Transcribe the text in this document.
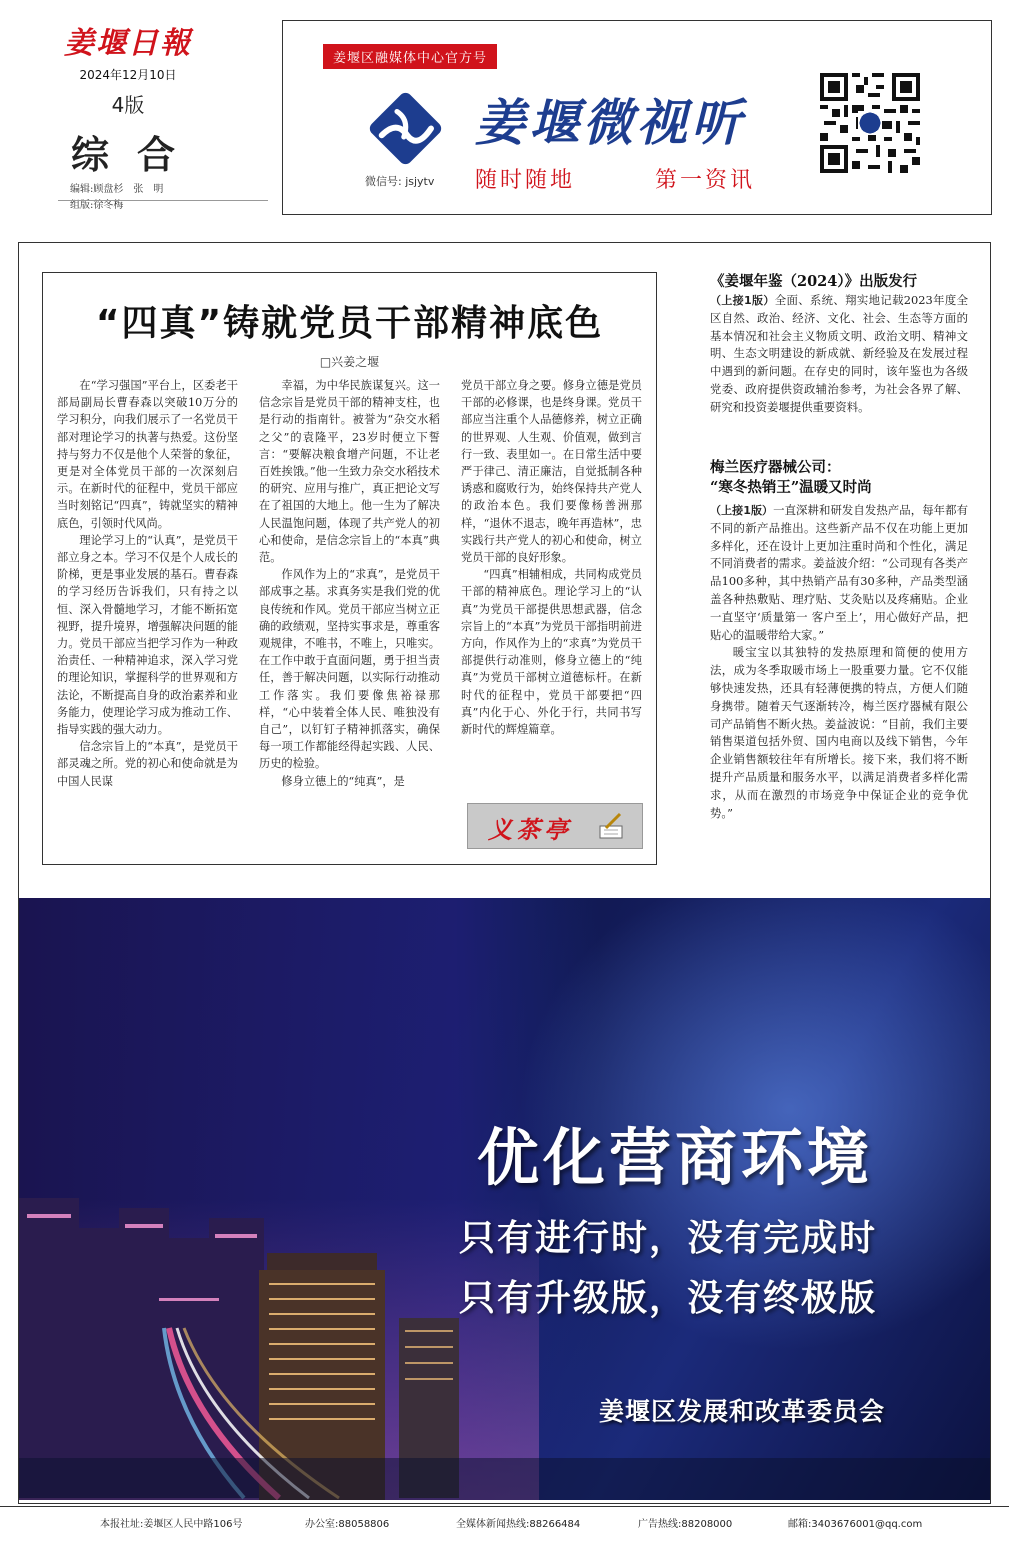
姜堰日報
2024年12月10日
4版
综合
编辑:顾盘杉　张　明
组版:徐冬梅
姜堰区融媒体中心官方号
微信号: jsjytv
姜堰微视听
随时随地	第一资讯
“四真”铸就党员干部精神底色
□兴姜之堰

在“学习强国”平台上，区委老干部局副局长曹春森以突破10万分的学习积分，向我们展示了一名党员干部对理论学习的执著与热爱。这份坚持与努力不仅是他个人荣誉的象征，更是对全体党员干部的一次深刻启示。在新时代的征程中，党员干部应当时刻铭记“四真”，铸就坚实的精神底色，引领时代风尚。

理论学习上的“认真”，是党员干部立身之本。学习不仅是个人成长的阶梯，更是事业发展的基石。曹春森的学习经历告诉我们，只有持之以恒、深入骨髓地学习，才能不断拓宽视野，提升境界，增强解决问题的能力。党员干部应当把学习作为一种政治责任、一种精神追求，深入学习党的理论知识，掌握科学的世界观和方法论，不断提高自身的政治素养和业务能力，使理论学习成为推动工作、指导实践的强大动力。

信念宗旨上的“本真”，是党员干部灵魂之所。党的初心和使命就是为中国人民谋

幸福，为中华民族谋复兴。这一信念宗旨是党员干部的精神支柱，也是行动的指南针。被誉为“杂交水稻之父”的袁隆平，23岁时便立下誓言：“要解决粮食增产问题，不让老百姓挨饿。”他一生致力杂交水稻技术的研究、应用与推广，真正把论文写在了祖国的大地上。他一生为了解决人民温饱问题，体现了共产党人的初心和使命，是信念宗旨上的“本真”典范。

作风作为上的“求真”，是党员干部成事之基。求真务实是我们党的优良传统和作风。党员干部应当树立正确的政绩观，坚持实事求是，尊重客观规律，不唯书，不唯上，只唯实。在工作中敢于直面问题，勇于担当责任，善于解决问题，以实际行动推动工作落实。我们要像焦裕禄那样，“心中装着全体人民、唯独没有自己”，以钉钉子精神抓落实，确保每一项工作都能经得起实践、人民、历史的检验。

修身立德上的“纯真”，是

党员干部立身之要。修身立德是党员干部的必修课，也是终身课。党员干部应当注重个人品德修养，树立正确的世界观、人生观、价值观，做到言行一致、表里如一。在日常生活中要严于律己、清正廉洁，自觉抵制各种诱惑和腐败行为，始终保持共产党人的政治本色。我们要像杨善洲那样，“退休不退志，晚年再造林”，忠实践行共产党人的初心和使命，树立党员干部的良好形象。

“四真”相辅相成，共同构成党员干部的精神底色。理论学习上的“认真”为党员干部提供思想武器，信念宗旨上的“本真”为党员干部指明前进方向，作风作为上的“求真”为党员干部提供行动准则，修身立德上的“纯真”为党员干部树立道德标杆。在新时代的征程中，党员干部要把“四真”内化于心、外化于行，共同书写新时代的辉煌篇章。

义茶亭
《姜堰年鉴（2024）》出版发行

（上接1版）全面、系统、翔实地记载2023年度全区自然、政治、经济、文化、社会、生态等方面的基本情况和社会主义物质文明、政治文明、精神文明、生态文明建设的新成就、新经验及在发展过程中遇到的新问题。在存史的同时，该年鉴也为各级党委、政府提供资政辅治参考，为社会各界了解、研究和投资姜堰提供重要资料。

梅兰医疗器械公司：
“寒冬热销王”温暖又时尚

（上接1版）一直深耕和研发自发热产品，每年都有不同的新产品推出。这些新产品不仅在功能上更加多样化，还在设计上更加注重时尚和个性化，满足不同消费者的需求。姜益波介绍：“公司现有各类产品100多种，其中热销产品有30多种，产品类型涵盖各种热敷贴、理疗贴、艾灸贴以及疼痛贴。企业一直坚守‘质量第一 客户至上’，用心做好产品，把贴心的温暖带给大家。”

暖宝宝以其独特的发热原理和简便的使用方法，成为冬季取暖市场上一股重要力量。它不仅能够快速发热，还具有轻薄便携的特点，方便人们随身携带。随着天气逐渐转冷，梅兰医疗器械有限公司产品销售不断火热。姜益波说：“目前，我们主要销售渠道包括外贸、国内电商以及线下销售，今年企业销售额较往年有所增长。接下来，我们将不断提升产品质量和服务水平，以满足消费者多样化需求，从而在激烈的市场竞争中保证企业的竞争优势。”

优化营商环境
只有进行时，没有完成时
只有升级版，没有终极版
姜堰区发展和改革委员会
本报社址:姜堰区人民中路106号	办公室:88058806	全媒体新闻热线:88266484	广告热线:88208000	邮箱:3403676001@qq.com
